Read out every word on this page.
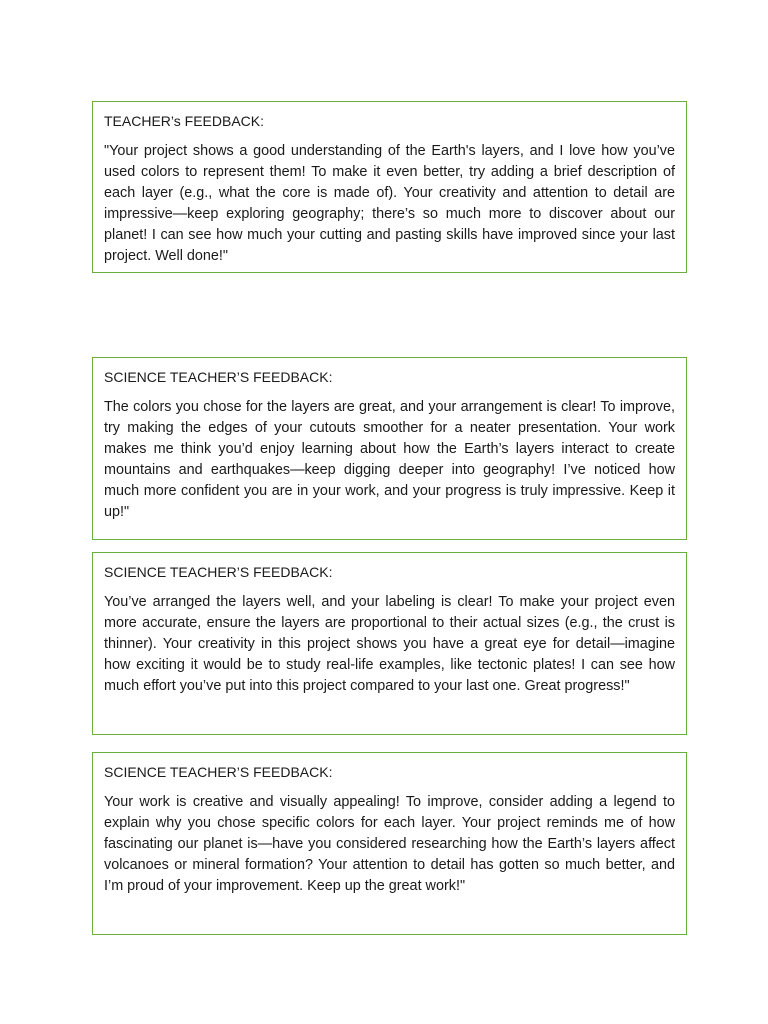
TEACHER’s FEEDBACK:

"Your project shows a good understanding of the Earth's layers, and I love how you’ve used colors to represent them! To make it even better, try adding a brief description of each layer (e.g., what the core is made of). Your creativity and attention to detail are impressive—keep exploring geography; there’s so much more to discover about our planet! I can see how much your cutting and pasting skills have improved since your last project. Well done!"

SCIENCE TEACHER’S FEEDBACK:

The colors you chose for the layers are great, and your arrangement is clear! To improve, try making the edges of your cutouts smoother for a neater presentation. Your work makes me think you’d enjoy learning about how the Earth’s layers interact to create mountains and earthquakes—keep digging deeper into geography! I’ve noticed how much more confident you are in your work, and your progress is truly impressive. Keep it up!"

SCIENCE TEACHER’S FEEDBACK:

You’ve arranged the layers well, and your labeling is clear! To make your project even more accurate, ensure the layers are proportional to their actual sizes (e.g., the crust is thinner). Your creativity in this project shows you have a great eye for detail—imagine how exciting it would be to study real-life examples, like tectonic plates! I can see how much effort you’ve put into this project compared to your last one. Great progress!"

SCIENCE TEACHER’S FEEDBACK:

Your work is creative and visually appealing! To improve, consider adding a legend to explain why you chose specific colors for each layer. Your project reminds me of how fascinating our planet is—have you considered researching how the Earth’s layers affect volcanoes or mineral formation? Your attention to detail has gotten so much better, and I’m proud of your improvement. Keep up the great work!"
